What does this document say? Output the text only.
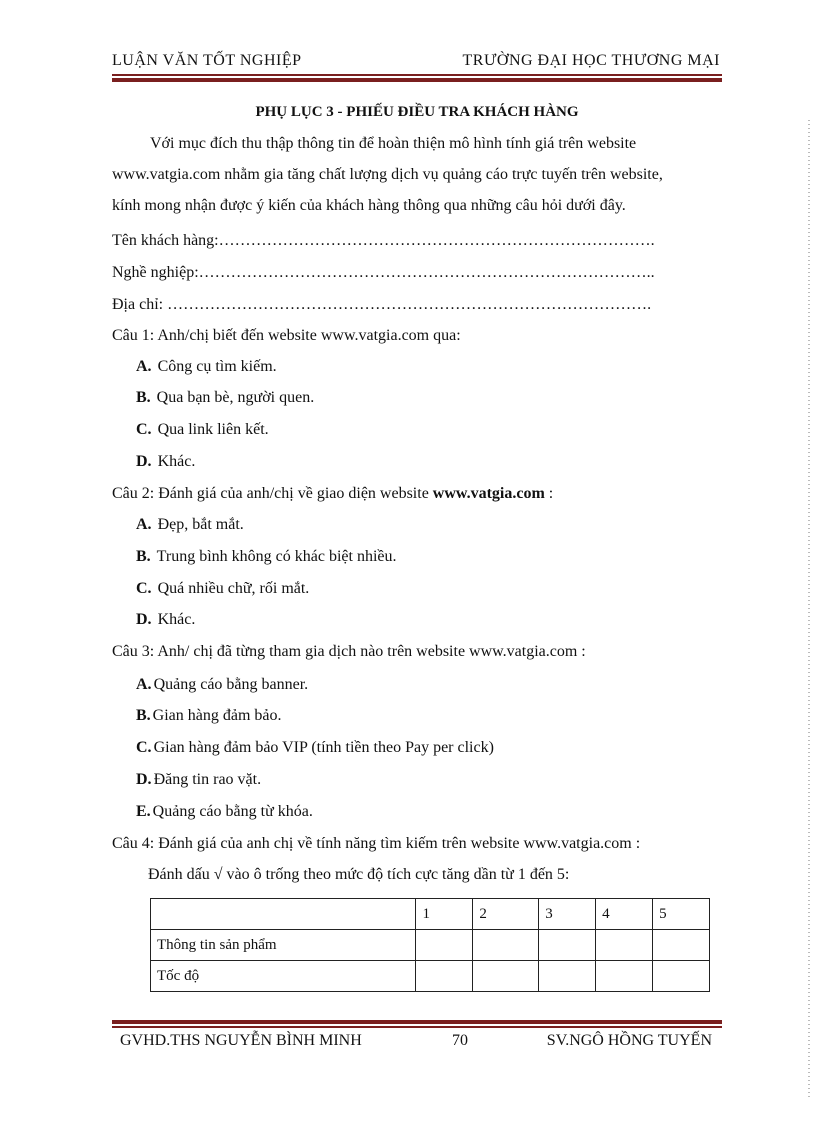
LUẬN VĂN TỐT NGHIỆP	TRƯỜNG ĐẠI HỌC THƯƠNG MẠI
PHỤ LỤC 3 - PHIẾU ĐIỀU TRA KHÁCH HÀNG
Với mục đích thu thập thông tin để hoàn thiện mô hình tính giá trên website
www.vatgia.com nhằm gia tăng chất lượng dịch vụ quảng cáo trực tuyến trên website,
kính mong nhận được ý kiến của khách hàng thông qua những câu hỏi dưới đây.
Tên khách hàng:……………………………………………………………………….
Nghề nghiệp:…………………………………………………………………………..
Địa chỉ: ……………………………………………………………………………….
Câu 1: Anh/chị biết đến website www.vatgia.com qua:
A. Công cụ tìm kiếm.
B. Qua bạn bè, người quen.
C. Qua link liên kết.
D. Khác.
Câu 2: Đánh giá của anh/chị về giao diện website www.vatgia.com :
A. Đẹp, bắt mắt.
B. Trung bình không có khác biệt nhiều.
C. Quá nhiều chữ, rối mắt.
D. Khác.
Câu 3: Anh/ chị đã từng tham gia dịch nào trên website www.vatgia.com :
A. Quảng cáo bằng banner.
B. Gian hàng đảm bảo.
C. Gian hàng đảm bảo VIP (tính tiền theo Pay per click)
D. Đăng tin rao vặt.
E. Quảng cáo bằng từ khóa.
Câu 4: Đánh giá của anh chị về tính năng tìm kiếm trên website www.vatgia.com :
Đánh dấu √ vào ô trống theo mức độ tích cực tăng dần từ 1 đến 5:
	1	2	3	4	5
Thông tin sản phẩm					
Tốc độ					
GVHD.THS NGUYỄN BÌNH MINH	70	SV.NGÔ HỒNG TUYẾN
